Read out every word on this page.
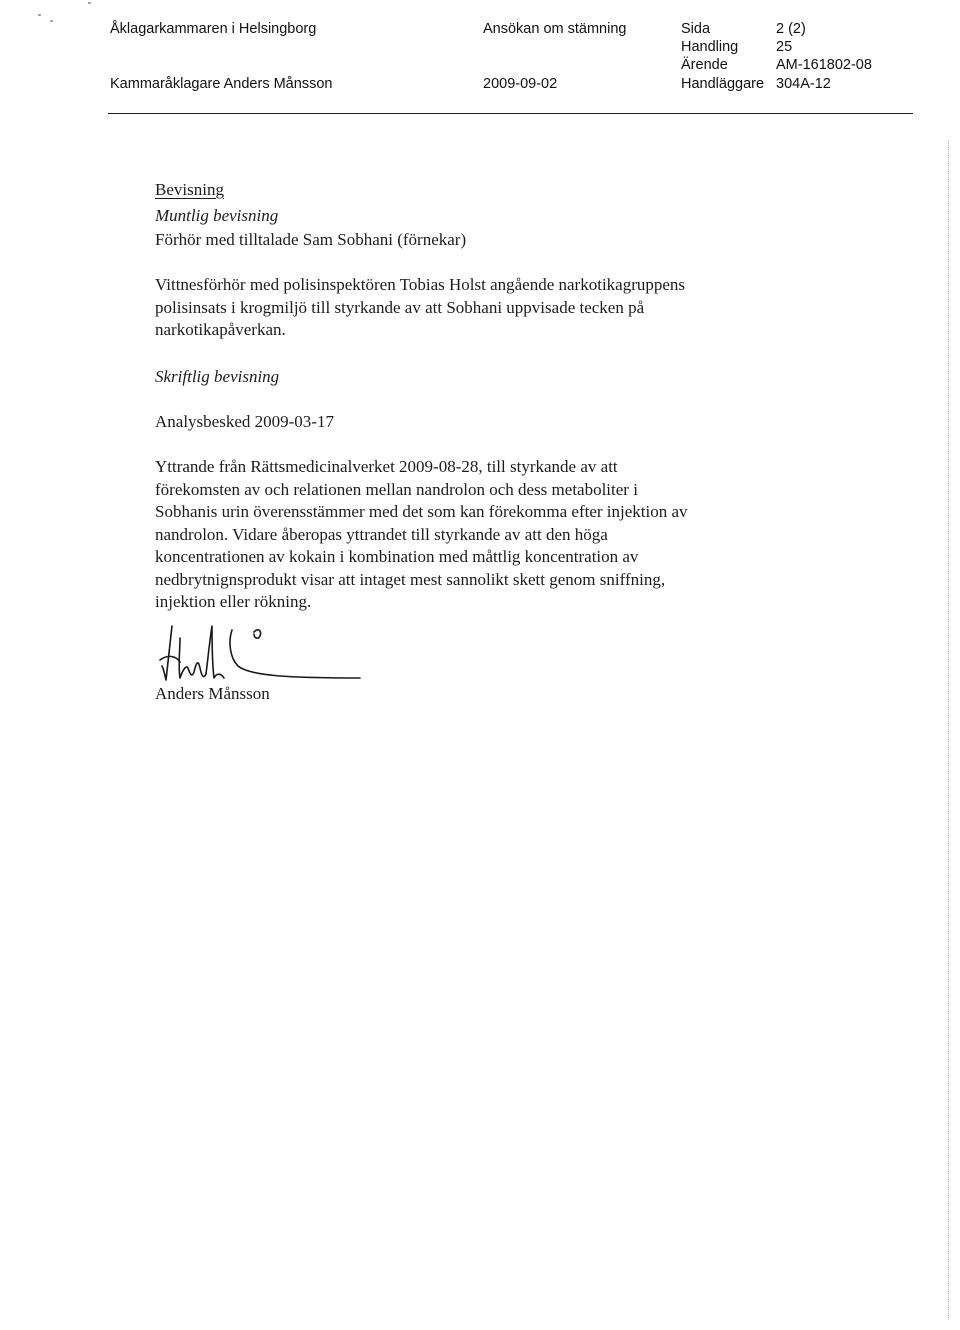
Åklagarkammaren i Helsingborg
Kammaråklagare Anders Månsson
Ansökan om stämning
2009-09-02
Sida
Handling
Ärende
Handläggare
2 (2)
25
AM-161802-08
304A-12
Bevisning
Muntlig bevisning
Förhör med tilltalade Sam Sobhani (förnekar)
Vittnesförhör med polisinspektören Tobias Holst angående narkotikagruppens
polisinsats i krogmiljö till styrkande av att Sobhani uppvisade tecken på
narkotikapåverkan.
Skriftlig bevisning
Analysbesked 2009-03-17
Yttrande från Rättsmedicinalverket 2009-08-28, till styrkande av att
förekomsten av och relationen mellan nandrolon och dess metaboliter i
Sobhanis urin överensstämmer med det som kan förekomma efter injektion av
nandrolon. Vidare åberopas yttrandet till styrkande av att den höga
koncentrationen av kokain i kombination med måttlig koncentration av
nedbrytnignsprodukt visar att intaget mest sannolikt skett genom sniffning,
injektion eller rökning.
Anders Månsson
